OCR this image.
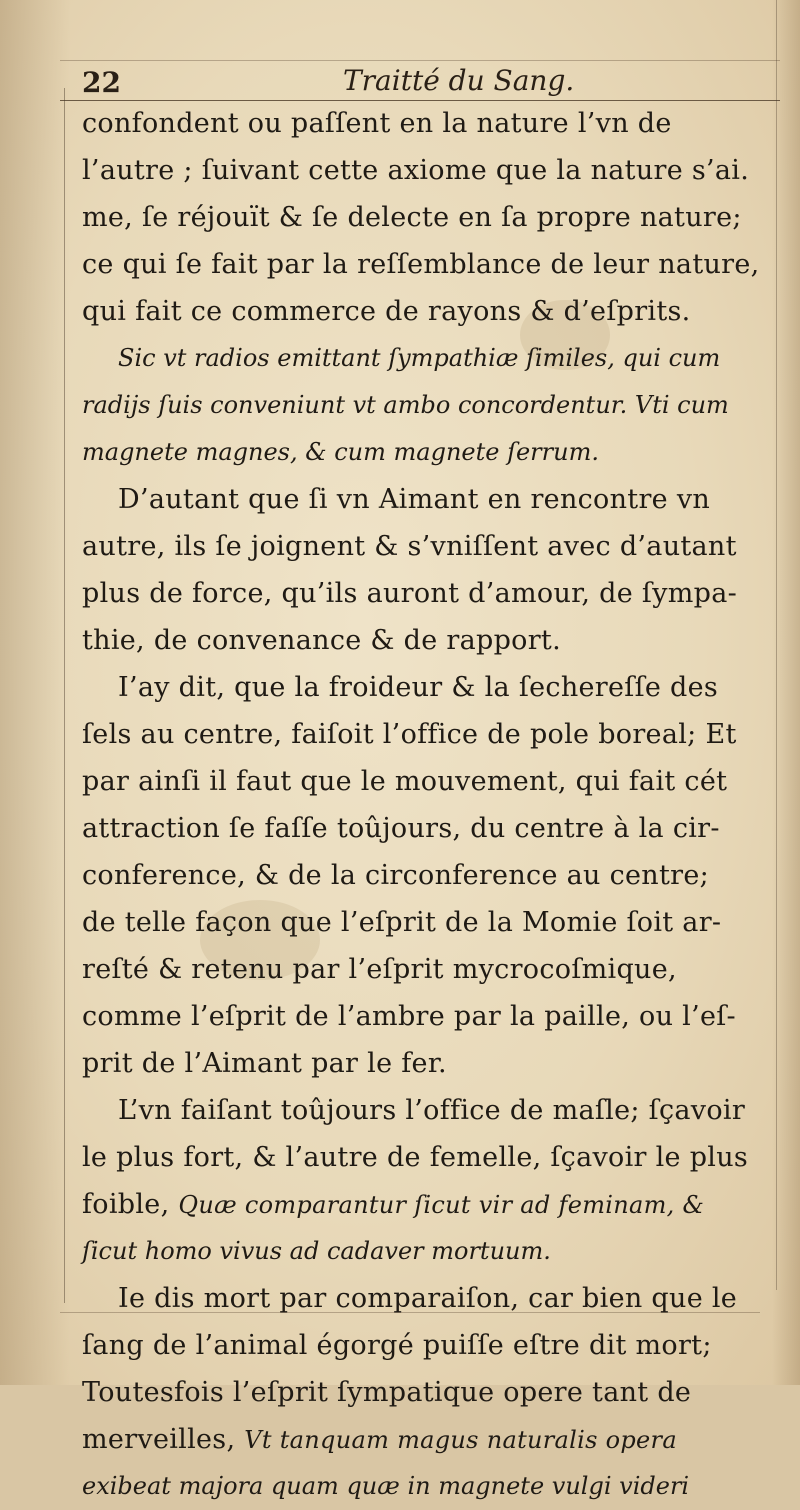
22	Traitté du Sang.
confondent ou paſſent en la nature l’vn de
l’autre ; ſuivant cette axiome que la nature s’ai.
me, ſe réjouït & ſe delecte en ſa propre nature;
ce qui ſe fait par la reſſemblance de leur nature,
qui fait ce commerce de rayons & d’eſprits.
Sic vt radios emittant ſympathiæ ſimiles, qui cum
radijs ſuis conveniunt vt ambo concordentur. Vti cum
magnete magnes, & cum magnete ſerrum.
D’autant que ſi vn Aimant en rencontre vn
autre, ils ſe joignent & s’vniſſent avec d’autant
plus de force, qu’ils auront d’amour, de ſympa-
thie, de convenance & de rapport.
I’ay dit, que la froideur & la ſechereſſe des
ſels au centre, faiſoit l’office de pole boreal; Et
par ainſi il faut que le mouvement, qui fait cét
attraction ſe faſſe toûjours, du centre à la cir-
conference, & de la circonference au centre;
de telle façon que l’eſprit de la Momie ſoit ar-
reſté & retenu par l’eſprit mycrocoſmique,
comme l’eſprit de l’ambre par la paille, ou l’eſ-
prit de l’Aimant par le fer.
L’vn faiſant toûjours l’office de maſle; ſçavoir
le plus fort, & l’autre de femelle, ſçavoir le plus
foible, Quæ comparantur ſicut vir ad feminam, &
ſicut homo vivus ad cadaver mortuum.
Ie dis mort par comparaiſon, car bien que le
ſang de l’animal égorgé puiſſe eſtre dit mort;
Toutesfois l’eſprit ſympatique opere tant de
merveilles, Vt tanquam magus naturalis opera
exibeat majora quam quæ in magnete vulgi videri
